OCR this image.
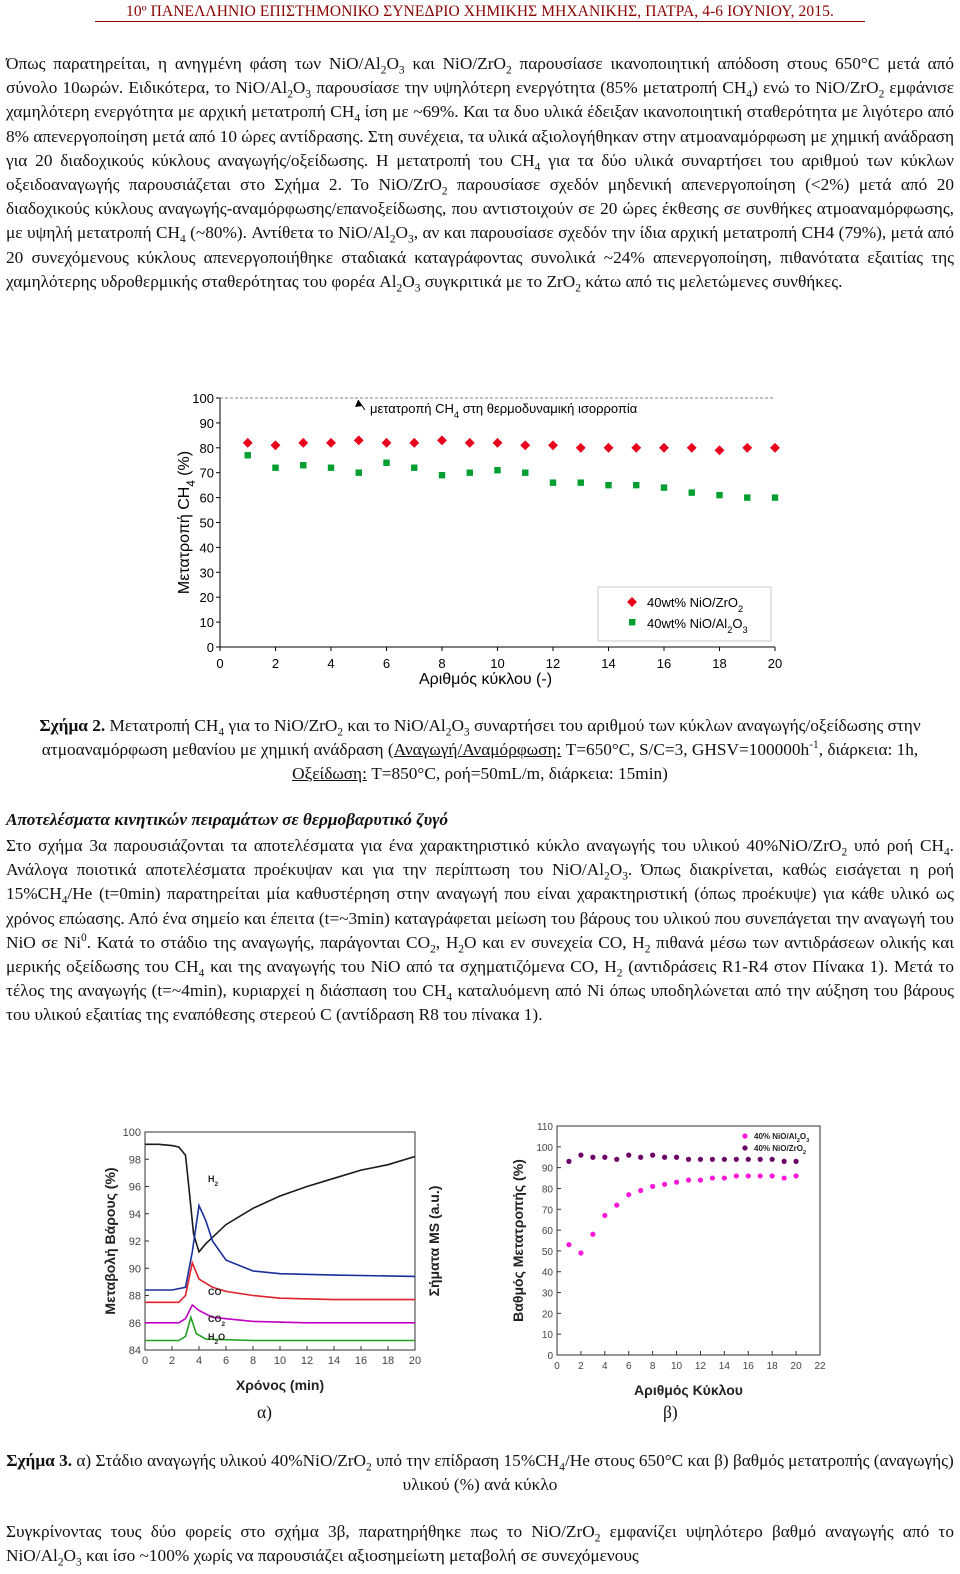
10º ΠΑΝΕΛΛΗΝΙΟ ΕΠΙΣΤΗΜΟΝΙΚΟ ΣΥΝΕΔΡΙΟ ΧΗΜΙΚΗΣ ΜΗΧΑΝΙΚΗΣ, ΠΑΤΡΑ, 4-6 ΙΟΥΝΙΟΥ, 2015.

Όπως παρατηρείται, η ανηγμένη φάση των NiO/$Al_2O_3$ και NiO/ZrO$_2$ παρουσίασε ικανοποιητική απόδοση στους 650°C μετά από σύνολο 10ωρών. Ειδικότερα, το NiO/$Al_2O_3$ παρουσίασε την υψηλότερη ενεργότητα (85% μετατροπή $CH_4$) ενώ το NiO/ZrO$_2$ εμφάνισε χαμηλότερη ενεργότητα με αρχική μετατροπή $CH_4$ ίση με ~69%. Και τα δυο υλικά έδειξαν ικανοποιητική σταθερότητα με λιγότερο από 8% απενεργοποίηση μετά από 10 ώρες αντίδρασης. Στη συνέχεια, τα υλικά αξιολογήθηκαν στην ατμοαναμόρφωση με χημική ανάδραση για 20 διαδοχικούς κύκλους αναγωγής/οξείδωσης. Η μετατροπή του $CH_4$ για τα δύο υλικά συναρτήσει του αριθμού των κύκλων οξειδοαναγωγής παρουσιάζεται στο Σχήμα 2. Το NiO/ZrO$_2$ παρουσίασε σχεδόν μηδενική απενεργοποίηση (<2%) μετά από 20 διαδοχικούς κύκλους αναγωγής-αναμόρφωσης/επανοξείδωσης, που αντιστοιχούν σε 20 ώρες έκθεσης σε συνθήκες ατμοαναμόρφωσης, με υψηλή μετατροπή $CH_4$ (~80%). Αντίθετα το NiO/$Al_2O_3$, αν και παρουσίασε σχεδόν την ίδια αρχική μετατροπή CH4 (79%), μετά από 20 συνεχόμενους κύκλους απενεργοποιήθηκε σταδιακά καταγράφοντας συνολικά ~24% απενεργοποίηση, πιθανότατα εξαιτίας της χαμηλότερης υδροθερμικής σταθερότητας του φορέα $Al_2O_3$ συγκριτικά με το ZrO$_2$ κάτω από τις μελετώμενες συνθήκες.

0
10
20
30
40
50
60
70
80
90
100
0	2	4	6	8	10	12	14	16	18	20
μετατροπή $CH_4$ στη θερμοδυναμική ισορροπία
Μετατροπή $CH_4$ (%)
Αριθμός κύκλου (-)
40wt% NiO/ZrO$_2$
40wt% NiO/$Al_2O_3$
Σχήμα 2. Μετατροπή $CH_4$ για το NiO/ZrO$_2$ και το NiO/$Al_2O_3$ συναρτήσει του αριθμού των κύκλων αναγωγής/οξείδωσης στην ατμοαναμόρφωση μεθανίου με χημική ανάδραση (Αναγωγή/Αναμόρφωση: T=650°C, S/C=3, $GHSV=100000h^{-1}$, διάρκεια: 1h, Οξείδωση: T=850°C, ροή=50mL/m, διάρκεια: 15min)
Αποτελέσματα κινητικών πειραμάτων σε θερμοβαρυτικό ζυγό

Στο σχήμα 3α παρουσιάζονται τα αποτελέσματα για ένα χαρακτηριστικό κύκλο αναγωγής του υλικού 40%NiO/ZrO$_2$ υπό ροή $CH_4$. Ανάλογα ποιοτικά αποτελέσματα προέκυψαν και για την περίπτωση του NiO/$Al_2O_3$. Όπως διακρίνεται, καθώς εισάγεται η ροή $15\%CH_4/He$ (t=0min) παρατηρείται μία καθυστέρηση στην αναγωγή που είναι χαρακτηριστική (όπως προέκυψε) για κάθε υλικό ως χρόνος επώασης. Από ένα σημείο και έπειτα (t=~3min) καταγράφεται μείωση του βάρους του υλικού που συνεπάγεται την αναγωγή του NiO σε Ni$^0$. Κατά το στάδιο της αναγωγής, παράγονται $CO_2$, $H_2O$ και εν συνεχεία CO, $H_2$ πιθανά μέσω των αντιδράσεων ολικής και μερικής οξείδωσης του $CH_4$ και της αναγωγής του NiO από τα σχηματιζόμενα CO, $H_2$ (αντιδράσεις R1-R4 στον Πίνακα 1). Μετά το τέλος της αναγωγής (t=~4min), κυριαρχεί η διάσπαση του $CH_4$ καταλυόμενη από Ni όπως υποδηλώνεται από την αύξηση του βάρους του υλικού εξαιτίας της εναπόθεσης στερεού C (αντίδραση R8 του πίνακα 1).

84
86
88
90
92
94
96
98
100
0 2 4 6 8 10 12 14 16 18 20
Μεταβολή Βάρους (%)	Σήματα MS (a.u.)
Χρόνος (min)
$H_2$
CO
$CO_2$
$H_2O$
0
10
20
30
40
50
60
70
80
90
100
110
0 2 4 6 8 10 12 14 16 18 20 22
Βαθμός Μετατροπής (%)
Αριθμός Κύκλου
40% NiO/$Al_2O_3$
40% NiO/ZrO$_2$
α)	β)
Σχήμα 3. α) Στάδιο αναγωγής υλικού 40%NiO/ZrO$_2$ υπό την επίδραση $15\%CH_4/He$ στους 650°C και β) βαθμός μετατροπής (αναγωγής) υλικού (%) ανά κύκλο

Συγκρίνοντας τους δύο φορείς στο σχήμα 3β, παρατηρήθηκε πως το NiO/ZrO$_2$ εμφανίζει υψηλότερο βαθμό αναγωγής από το NiO/$Al_2O_3$ και ίσο ~100% χωρίς να παρουσιάζει αξιοσημείωτη μεταβολή σε συνεχόμενους
